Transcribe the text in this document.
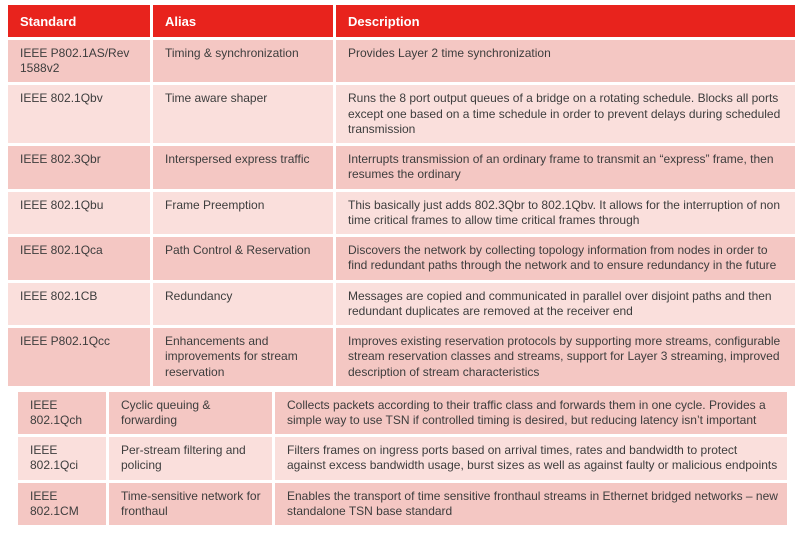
Standard	Alias	Description
IEEE P802.1AS/Rev 1588v2	Timing & synchronization	Provides Layer 2 time synchronization
IEEE 802.1Qbv	Time aware shaper	Runs the 8 port output queues of a bridge on a rotating schedule. Blocks all ports except one based on a time schedule in order to prevent delays during scheduled transmission
IEEE 802.3Qbr	Interspersed express traffic	Interrupts transmission of an ordinary frame to transmit an “express” frame, then resumes the ordinary
IEEE 802.1Qbu	Frame Preemption	This basically just adds 802.3Qbr to 802.1Qbv. It allows for the interruption of non time critical frames to allow time critical frames through
IEEE 802.1Qca	Path Control & Reservation	Discovers the network by collecting topology information from nodes in order to find redundant paths through the network and to ensure redundancy in the future
IEEE 802.1CB	Redundancy	Messages are copied and communicated in parallel over disjoint paths and then redundant duplicates are removed at the receiver end
IEEE P802.1Qcc	Enhancements and improvements for stream reservation	Improves existing reservation protocols by supporting more streams, configurable stream reservation classes and streams, support for Layer 3 streaming, improved description of stream characteristics
IEEE 802.1Qch	Cyclic queuing & forwarding	Collects packets according to their traffic class and forwards them in one cycle. Provides a simple way to use TSN if controlled timing is desired, but reducing latency isn’t important
IEEE 802.1Qci	Per-stream filtering and policing	Filters frames on ingress ports based on arrival times, rates and bandwidth to protect against excess bandwidth usage, burst sizes as well as against faulty or malicious endpoints
IEEE 802.1CM	Time-sensitive network for fronthaul	Enables the transport of time sensitive fronthaul streams in Ethernet bridged networks – new standalone TSN base standard
